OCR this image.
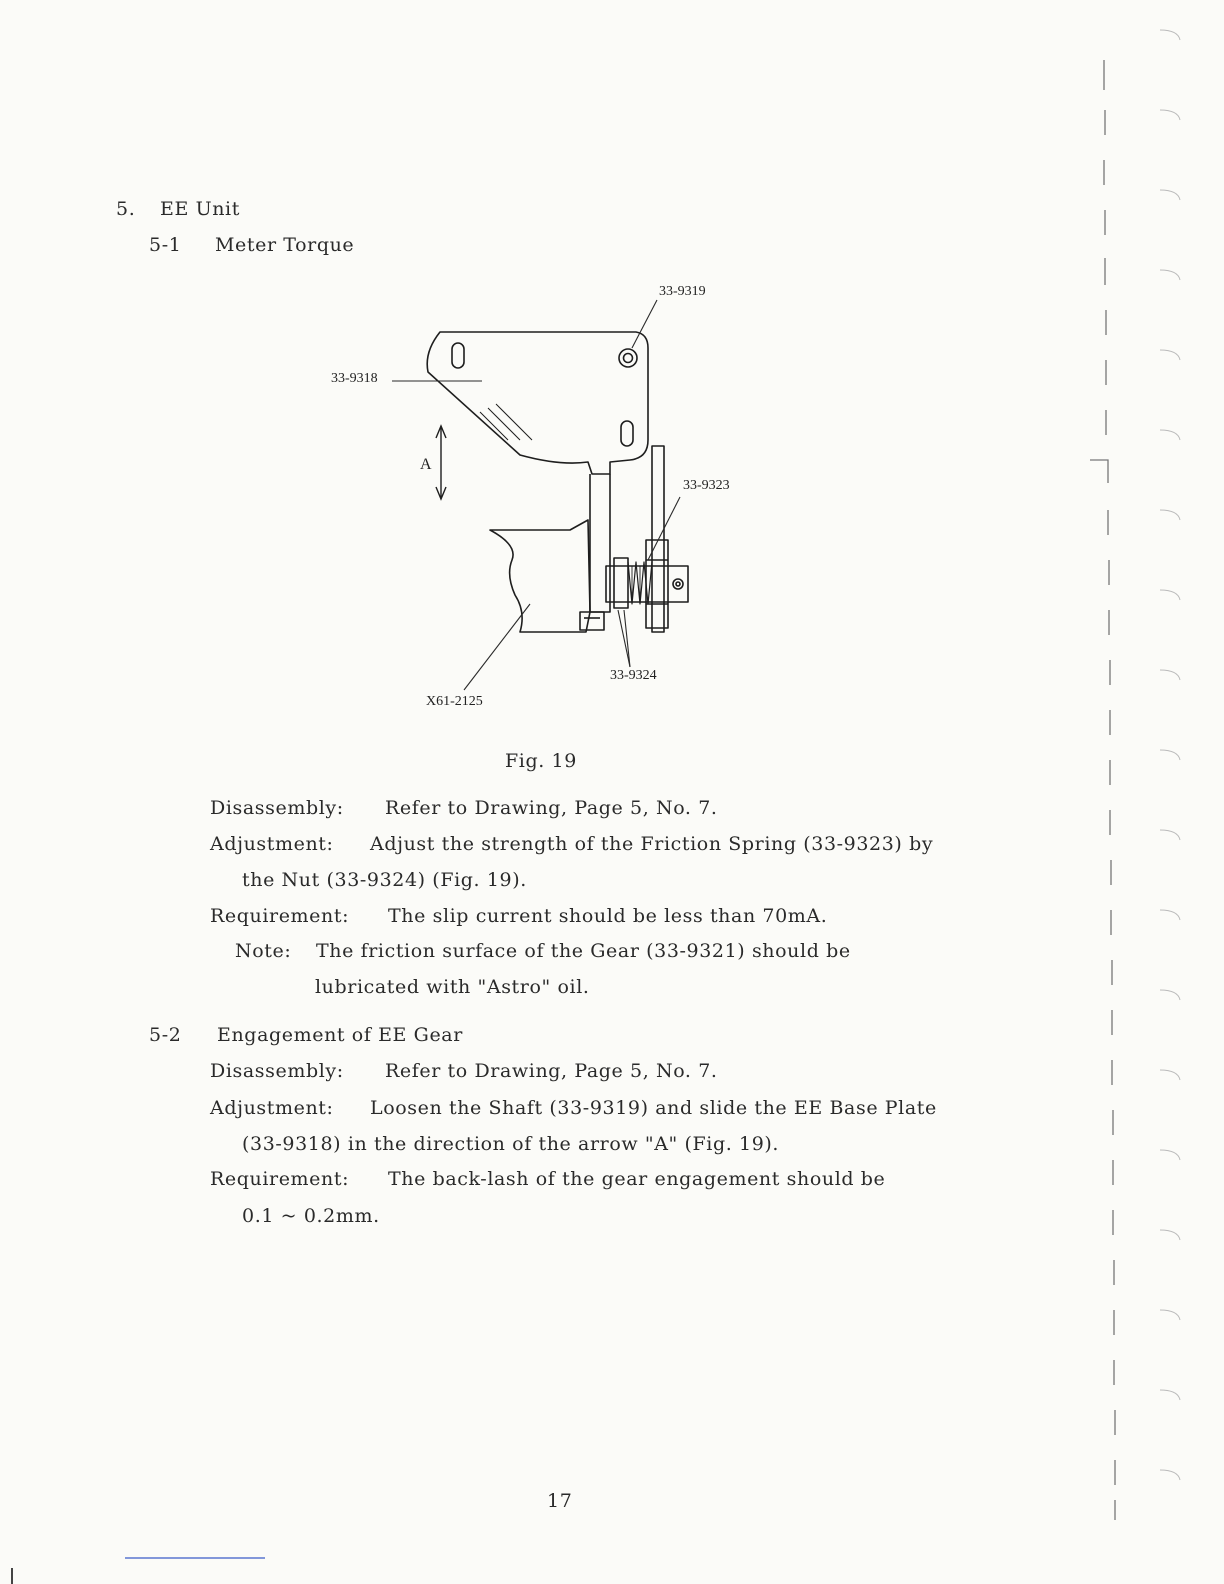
5. EE Unit
5-1 Meter Torque
33-9319
33-9318
A
33-9323
33-9324
X61-2125
Fig. 19
Disassembly: Refer to Drawing, Page 5, No. 7.
Adjustment: Adjust the strength of the Friction Spring (33-9323) by
the Nut (33-9324) (Fig. 19).
Requirement: The slip current should be less than 70mA.
Note: The friction surface of the Gear (33-9321) should be
lubricated with "Astro" oil.
5-2 Engagement of EE Gear
Disassembly: Refer to Drawing, Page 5, No. 7.
Adjustment: Loosen the Shaft (33-9319) and slide the EE Base Plate
(33-9318) in the direction of the arrow "A" (Fig. 19).
Requirement: The back-lash of the gear engagement should be
0.1 ~ 0.2mm.
17
